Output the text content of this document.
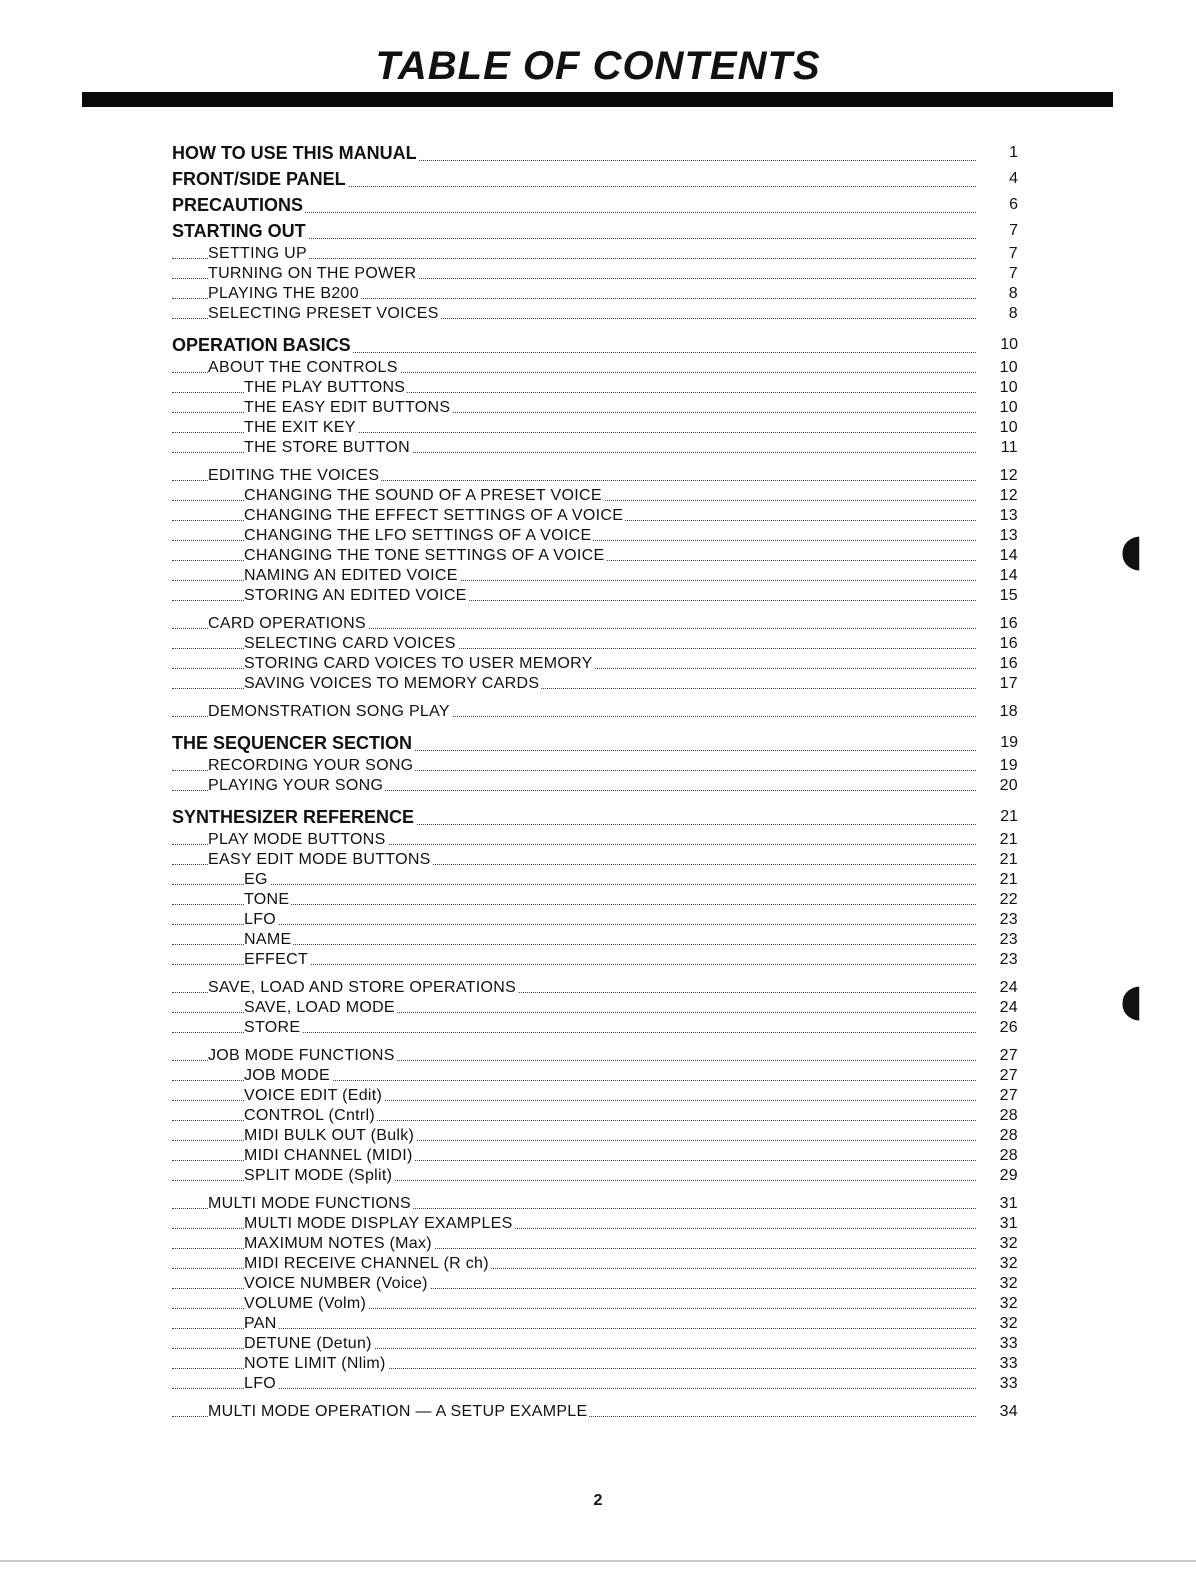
TABLE OF CONTENTS
HOW TO USE THIS MANUAL	1
FRONT/SIDE PANEL	4
PRECAUTIONS	6
STARTING OUT	7
SETTING UP	7
TURNING ON THE POWER	7
PLAYING THE B200	8
SELECTING PRESET VOICES	8
OPERATION BASICS	10
ABOUT THE CONTROLS	10
THE PLAY BUTTONS	10
THE EASY EDIT BUTTONS	10
THE EXIT KEY	10
THE STORE BUTTON	11
EDITING THE VOICES	12
CHANGING THE SOUND OF A PRESET VOICE	12
CHANGING THE EFFECT SETTINGS OF A VOICE	13
CHANGING THE LFO SETTINGS OF A VOICE	13
CHANGING THE TONE SETTINGS OF A VOICE	14
NAMING AN EDITED VOICE	14
STORING AN EDITED VOICE	15
CARD OPERATIONS	16
SELECTING CARD VOICES	16
STORING CARD VOICES TO USER MEMORY	16
SAVING VOICES TO MEMORY CARDS	17
DEMONSTRATION SONG PLAY	18
THE SEQUENCER SECTION	19
RECORDING YOUR SONG	19
PLAYING YOUR SONG	20
SYNTHESIZER REFERENCE	21
PLAY MODE BUTTONS	21
EASY EDIT MODE BUTTONS	21
EG	21
TONE	22
LFO	23
NAME	23
EFFECT	23
SAVE, LOAD AND STORE OPERATIONS	24
SAVE, LOAD MODE	24
STORE	26
JOB MODE FUNCTIONS	27
JOB MODE	27
VOICE EDIT (Edit)	27
CONTROL (Cntrl)	28
MIDI BULK OUT (Bulk)	28
MIDI CHANNEL (MIDI)	28
SPLIT MODE (Split)	29
MULTI MODE FUNCTIONS	31
MULTI MODE DISPLAY EXAMPLES	31
MAXIMUM NOTES (Max)	32
MIDI RECEIVE CHANNEL (R ch)	32
VOICE NUMBER (Voice)	32
VOLUME (Volm)	32
PAN	32
DETUNE (Detun)	33
NOTE LIMIT (Nlim)	33
LFO	33
MULTI MODE OPERATION — A SETUP EXAMPLE	34
◖
◖
2
